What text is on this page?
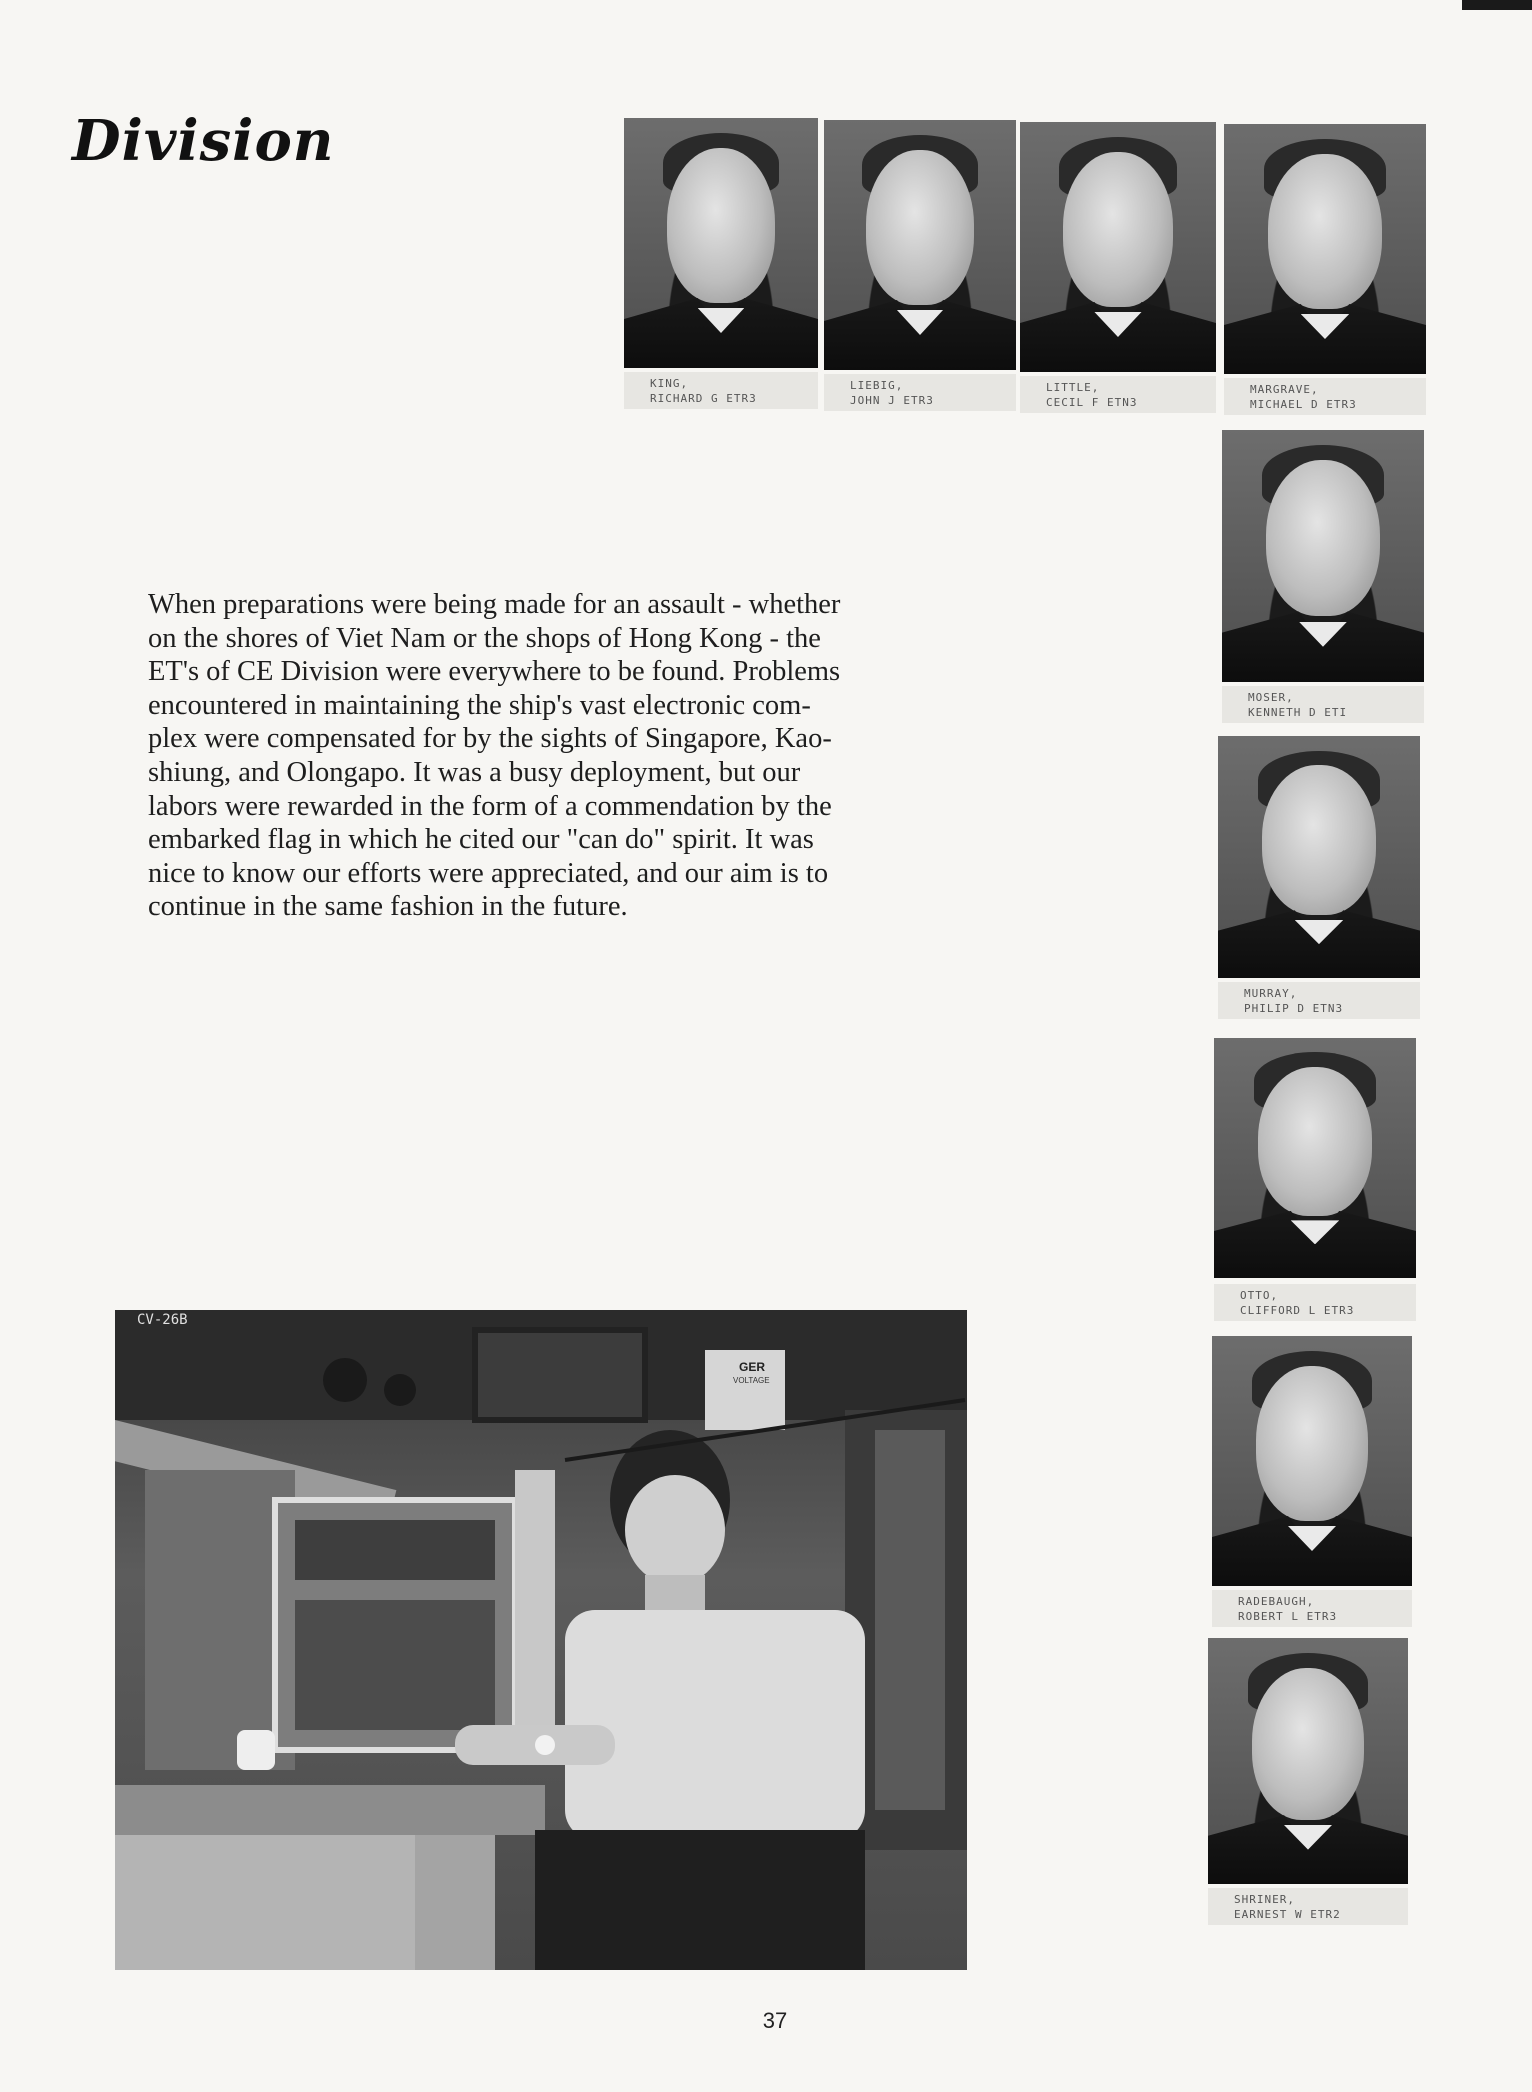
Division
When preparations were being made for an assault - whether
on the shores of Viet Nam or the shops of Hong Kong - the
ET's of CE Division were everywhere to be found. Problems
encountered in maintaining the ship's vast electronic com-
plex were compensated for by the sights of Singapore, Kao-
shiung, and Olongapo. It was a busy deployment, but our
labors were rewarded in the form of a commendation by the
embarked flag in which he cited our "can do" spirit. It was
nice to know our efforts were appreciated, and our aim is to
continue in the same fashion in the future.
KING,
RICHARD G ETR3
LIEBIG,
JOHN J ETR3
LITTLE,
CECIL F ETN3
MARGRAVE,
MICHAEL D ETR3
MOSER,
KENNETH D ETI
MURRAY,
PHILIP D ETN3
OTTO,
CLIFFORD L ETR3
RADEBAUGH,
ROBERT L ETR3
SHRINER,
EARNEST W ETR2
CV-26B
GER
VOLTAGE
37
